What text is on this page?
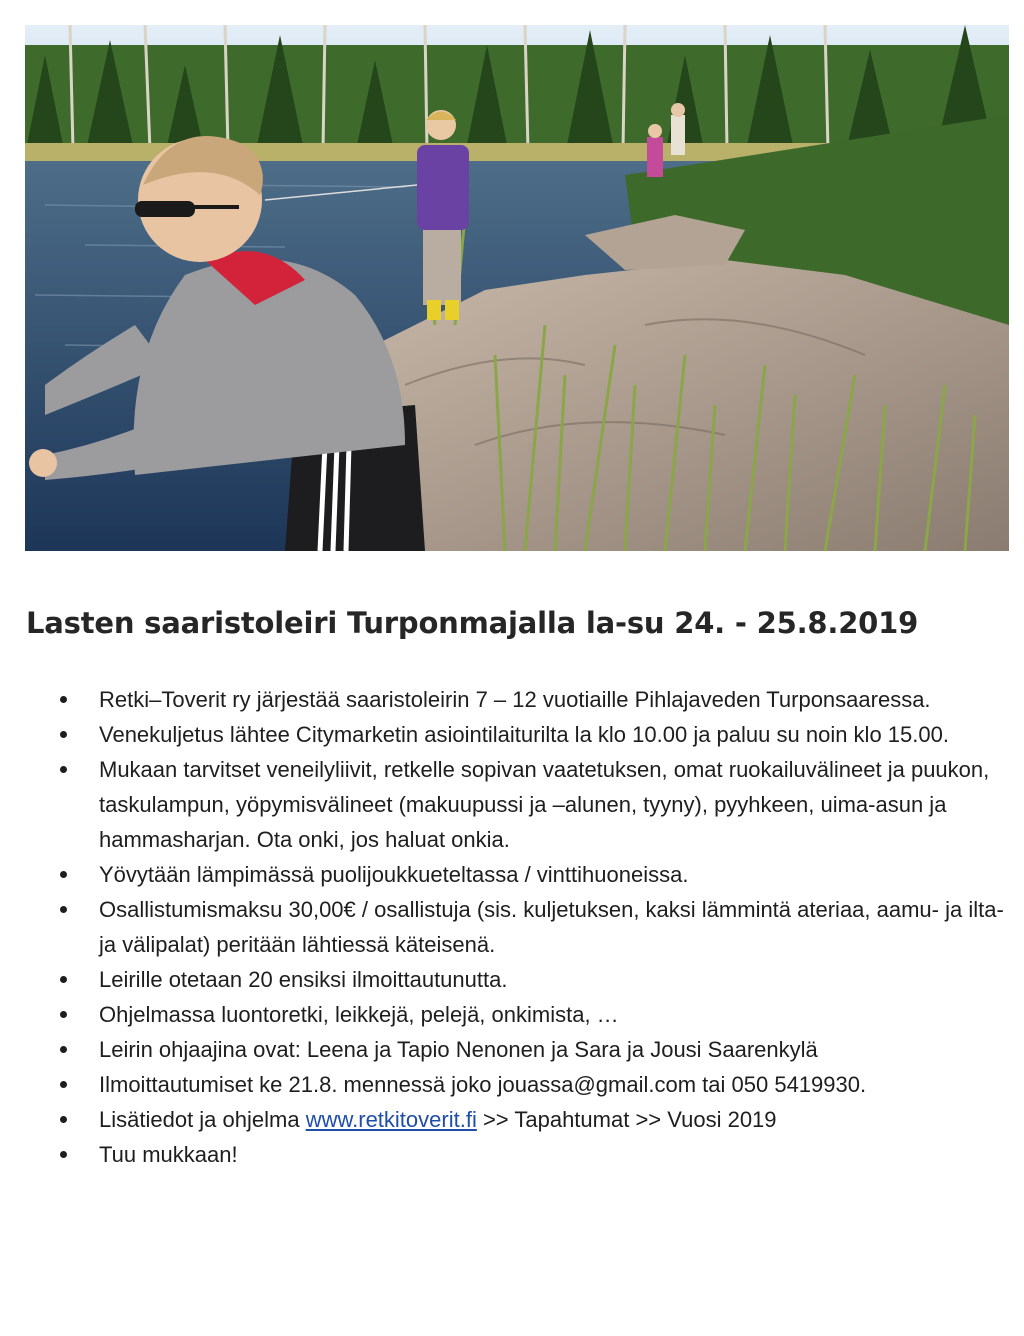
Lasten saaristoleiri Turponmajalla la-su 24. - 25.8.2019
Retki–Toverit ry järjestää saaristoleirin 7 – 12 vuotiaille Pihlajaveden Turponsaaressa.
Venekuljetus lähtee Citymarketin asiointilaiturilta la klo 10.00 ja paluu su noin klo 15.00.
Mukaan tarvitset veneilyliivit, retkelle sopivan vaatetuksen, omat ruokailuvälineet ja puukon, taskulampun, yöpymisvälineet (makuupussi ja –alunen, tyyny), pyyhkeen, uima-asun ja hammasharjan. Ota onki, jos haluat onkia.
Yövytään lämpimässä puolijoukkueteltassa / vinttihuoneissa.
Osallistumismaksu 30,00€ / osallistuja (sis. kuljetuksen, kaksi lämmintä ateriaa, aamu- ja ilta- ja välipalat) peritään lähtiessä käteisenä.
Leirille otetaan 20 ensiksi ilmoittautunutta.
Ohjelmassa luontoretki, leikkejä, pelejä, onkimista, …
Leirin ohjaajina ovat: Leena ja Tapio Nenonen ja Sara ja Jousi Saarenkylä
Ilmoittautumiset ke 21.8. mennessä joko jouassa@gmail.com tai 050 5419930.
Lisätiedot ja ohjelma www.retkitoverit.fi >> Tapahtumat >> Vuosi 2019
Tuu mukkaan!
